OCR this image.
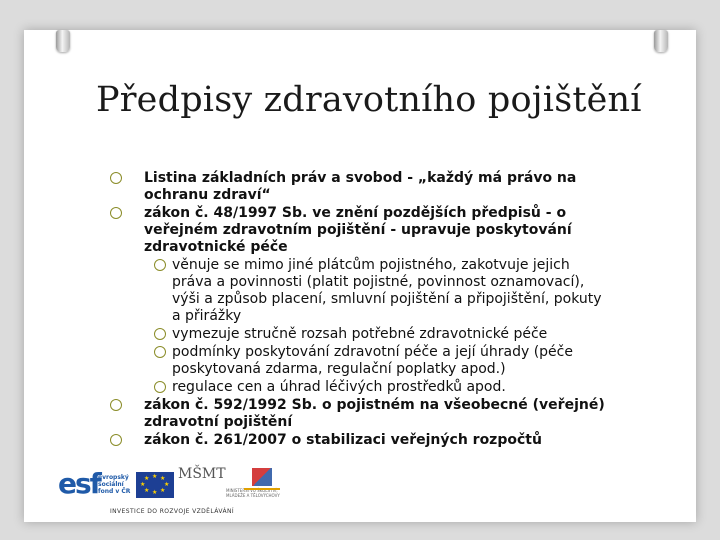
Předpisy zdravotního pojištění
Listina základních práv a svobod - „každý má právo na ochranu zdraví“
zákon č. 48/1997 Sb. ve znění pozdějších předpisů - o veřejném zdravotním pojištění - upravuje poskytování zdravotnické péče
věnuje se mimo jiné plátcům pojistného, zakotvuje jejich práva a povinnosti (platit pojistné, povinnost oznamovací), výši a způsob placení, smluvní pojištění a připojištění, pokuty a přirážky
vymezuje stručně rozsah potřebné zdravotnické péče
podmínky poskytování zdravotní péče a její úhrady (péče poskytovaná zdarma, regulační poplatky apod.)
regulace cen a úhrad léčivých prostředků apod.
zákon č. 592/1992 Sb. o pojistném na všeobecné (veřejné) zdravotní pojištění
zákon č. 261/2007 o stabilizaci veřejných rozpočtů
esf
evropský sociální fond v ČR
★ ★
★
★
★
★
★
★ MŠMT
MINISTERSTVO ŠKOLSTVÍ, MLÁDEŽE A TĚLOVÝCHOVY
INVESTICE DO ROZVOJE VZDĚLÁVÁNÍ
